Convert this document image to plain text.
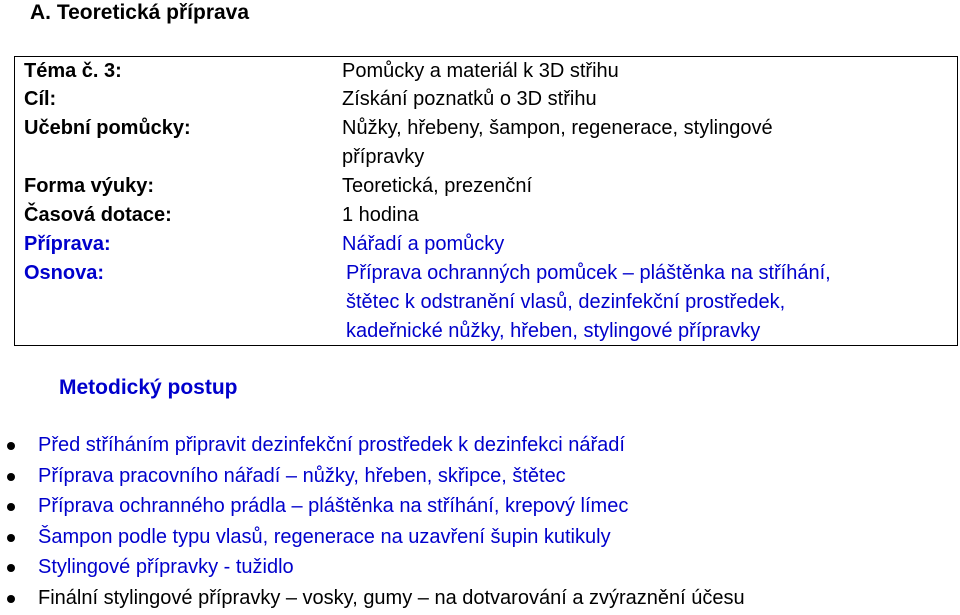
A. Teoretická příprava
Téma č. 3:	Pomůcky a materiál k 3D střihu
Cíl:	Získání poznatků o 3D střihu
Učební pomůcky:	Nůžky, hřebeny, šampon, regenerace, stylingové
přípravky
Forma výuky:	Teoretická, prezenční
Časová dotace:	1 hodina
Příprava:	Nářadí a pomůcky
Osnova:	Příprava ochranných pomůcek – pláštěnka na stříhání,
štětec k odstranění vlasů, dezinfekční prostředek,
kadeřnické nůžky, hřeben, stylingové přípravky
Metodický postup
Před stříháním připravit dezinfekční prostředek k dezinfekci nářadí
Příprava pracovního nářadí – nůžky, hřeben, skřipce, štětec
Příprava ochranného prádla – pláštěnka na stříhání, krepový límec
Šampon podle typu vlasů, regenerace na uzavření šupin kutikuly
Stylingové přípravky - tužidlo
Finální stylingové přípravky – vosky, gumy – na dotvarování a zvýraznění účesu
